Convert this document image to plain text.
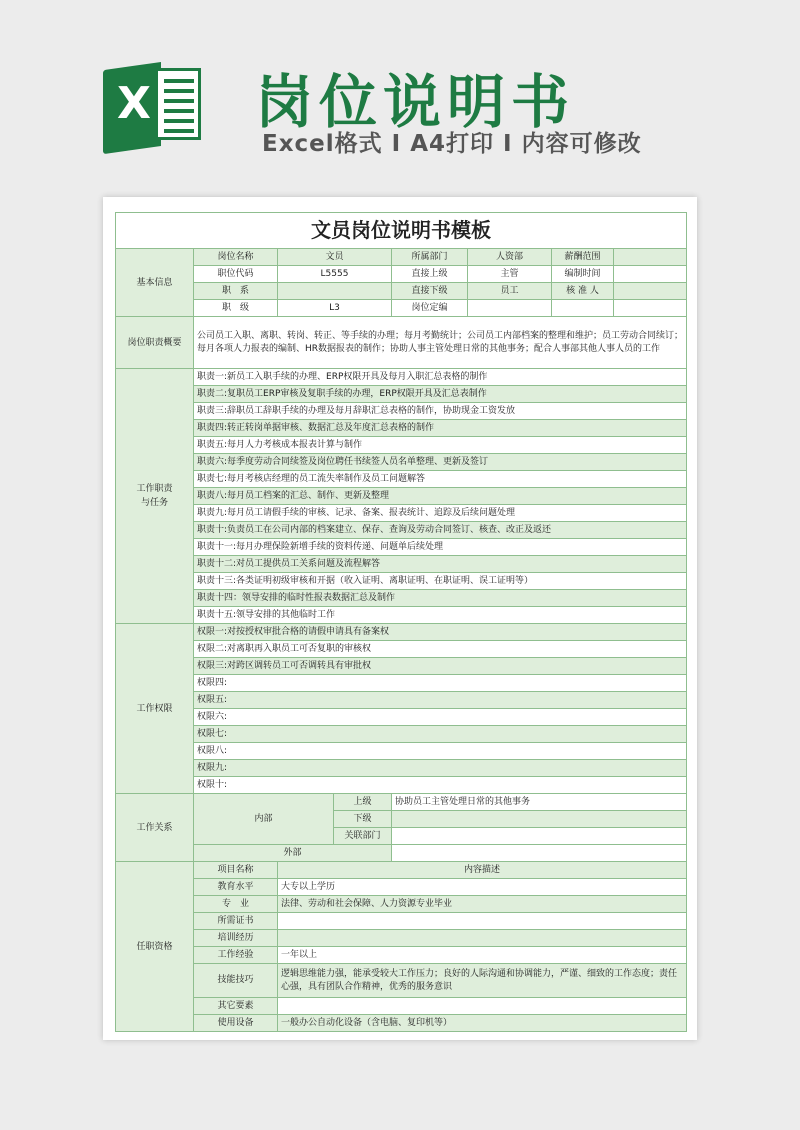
X 岗位说明书
Excel格式 I A4打印 I 内容可修改
文员岗位说明书模板							
基本信息	岗位名称	文员		所属部门	人资部	薪酬范围	
	职位代码	L5555		直接上级	主管	编制时间	
	职　系			直接下级	员工	核 准 人	
	职　级	L3		岗位定编			
岗位职责概要	公司员工入职、离职、转岗、转正、等手续的办理；每月考勤统计；公司员工内部档案的整理和维护；员工劳动合同续订；每月各项人力报表的编制、HR数据报表的制作；协助人事主管处理日常的其他事务；配合人事部其他人事人员的工作						
工作职责与任务	职责一:新员工入职手续的办理、ERP权限开具及每月入职汇总表格的制作						
	职责二:复职员工ERP审核及复职手续的办理，ERP权限开具及汇总表制作						
	职责三:辞职员工辞职手续的办理及每月辞职汇总表格的制作，协助现金工资发放						
	职责四:转正转岗单据审核、数据汇总及年度汇总表格的制作						
	职责五:每月人力考核成本报表计算与制作						
	职责六:每季度劳动合同续签及岗位聘任书续签人员名单整理、更新及签订						
	职责七:每月考核店经理的员工流失率制作及员工问题解答						
	职责八:每月员工档案的汇总、制作、更新及整理						
	职责九:每月员工请假手续的审核、记录、备案、报表统计、追踪及后续问题处理						
	职责十:负责员工在公司内部的档案建立、保存、查询及劳动合同签订、核查、改正及返还						
	职责十一:每月办理保险新增手续的资料传递、问题单后续处理						
	职责十二:对员工提供员工关系问题及流程解答						
	职责十三:各类证明初级审核和开据（收入证明、离职证明、在职证明、误工证明等）						
	职责十四：领导安排的临时性报表数据汇总及制作						
	职责十五:领导安排的其他临时工作						
工作权限	权限一:对按授权审批合格的请假申请具有备案权						
	权限二:对离职再入职员工可否复职的审核权						
	权限三:对跨区调转员工可否调转具有审批权						
	权限四:						
	权限五:						
	权限六:						
	权限七:						
	权限八:						
	权限九:						
	权限十:						
工作关系	内部		上级	协助员工主管处理日常的其他事务			
			下级				
			关联部门				
	外部						
任职资格	项目名称	内容描述					
	教育水平	大专以上学历					
	专　业	法律、劳动和社会保障、人力资源专业毕业					
	所需证书						
	培训经历						
	工作经验	一年以上					
	技能技巧	逻辑思维能力强，能承受较大工作压力；良好的人际沟通和协调能力，严谨、细致的工作态度；责任心强，具有团队合作精神，优秀的服务意识					
	其它要素						
	使用设备	一般办公自动化设备（含电脑、复印机等）					
